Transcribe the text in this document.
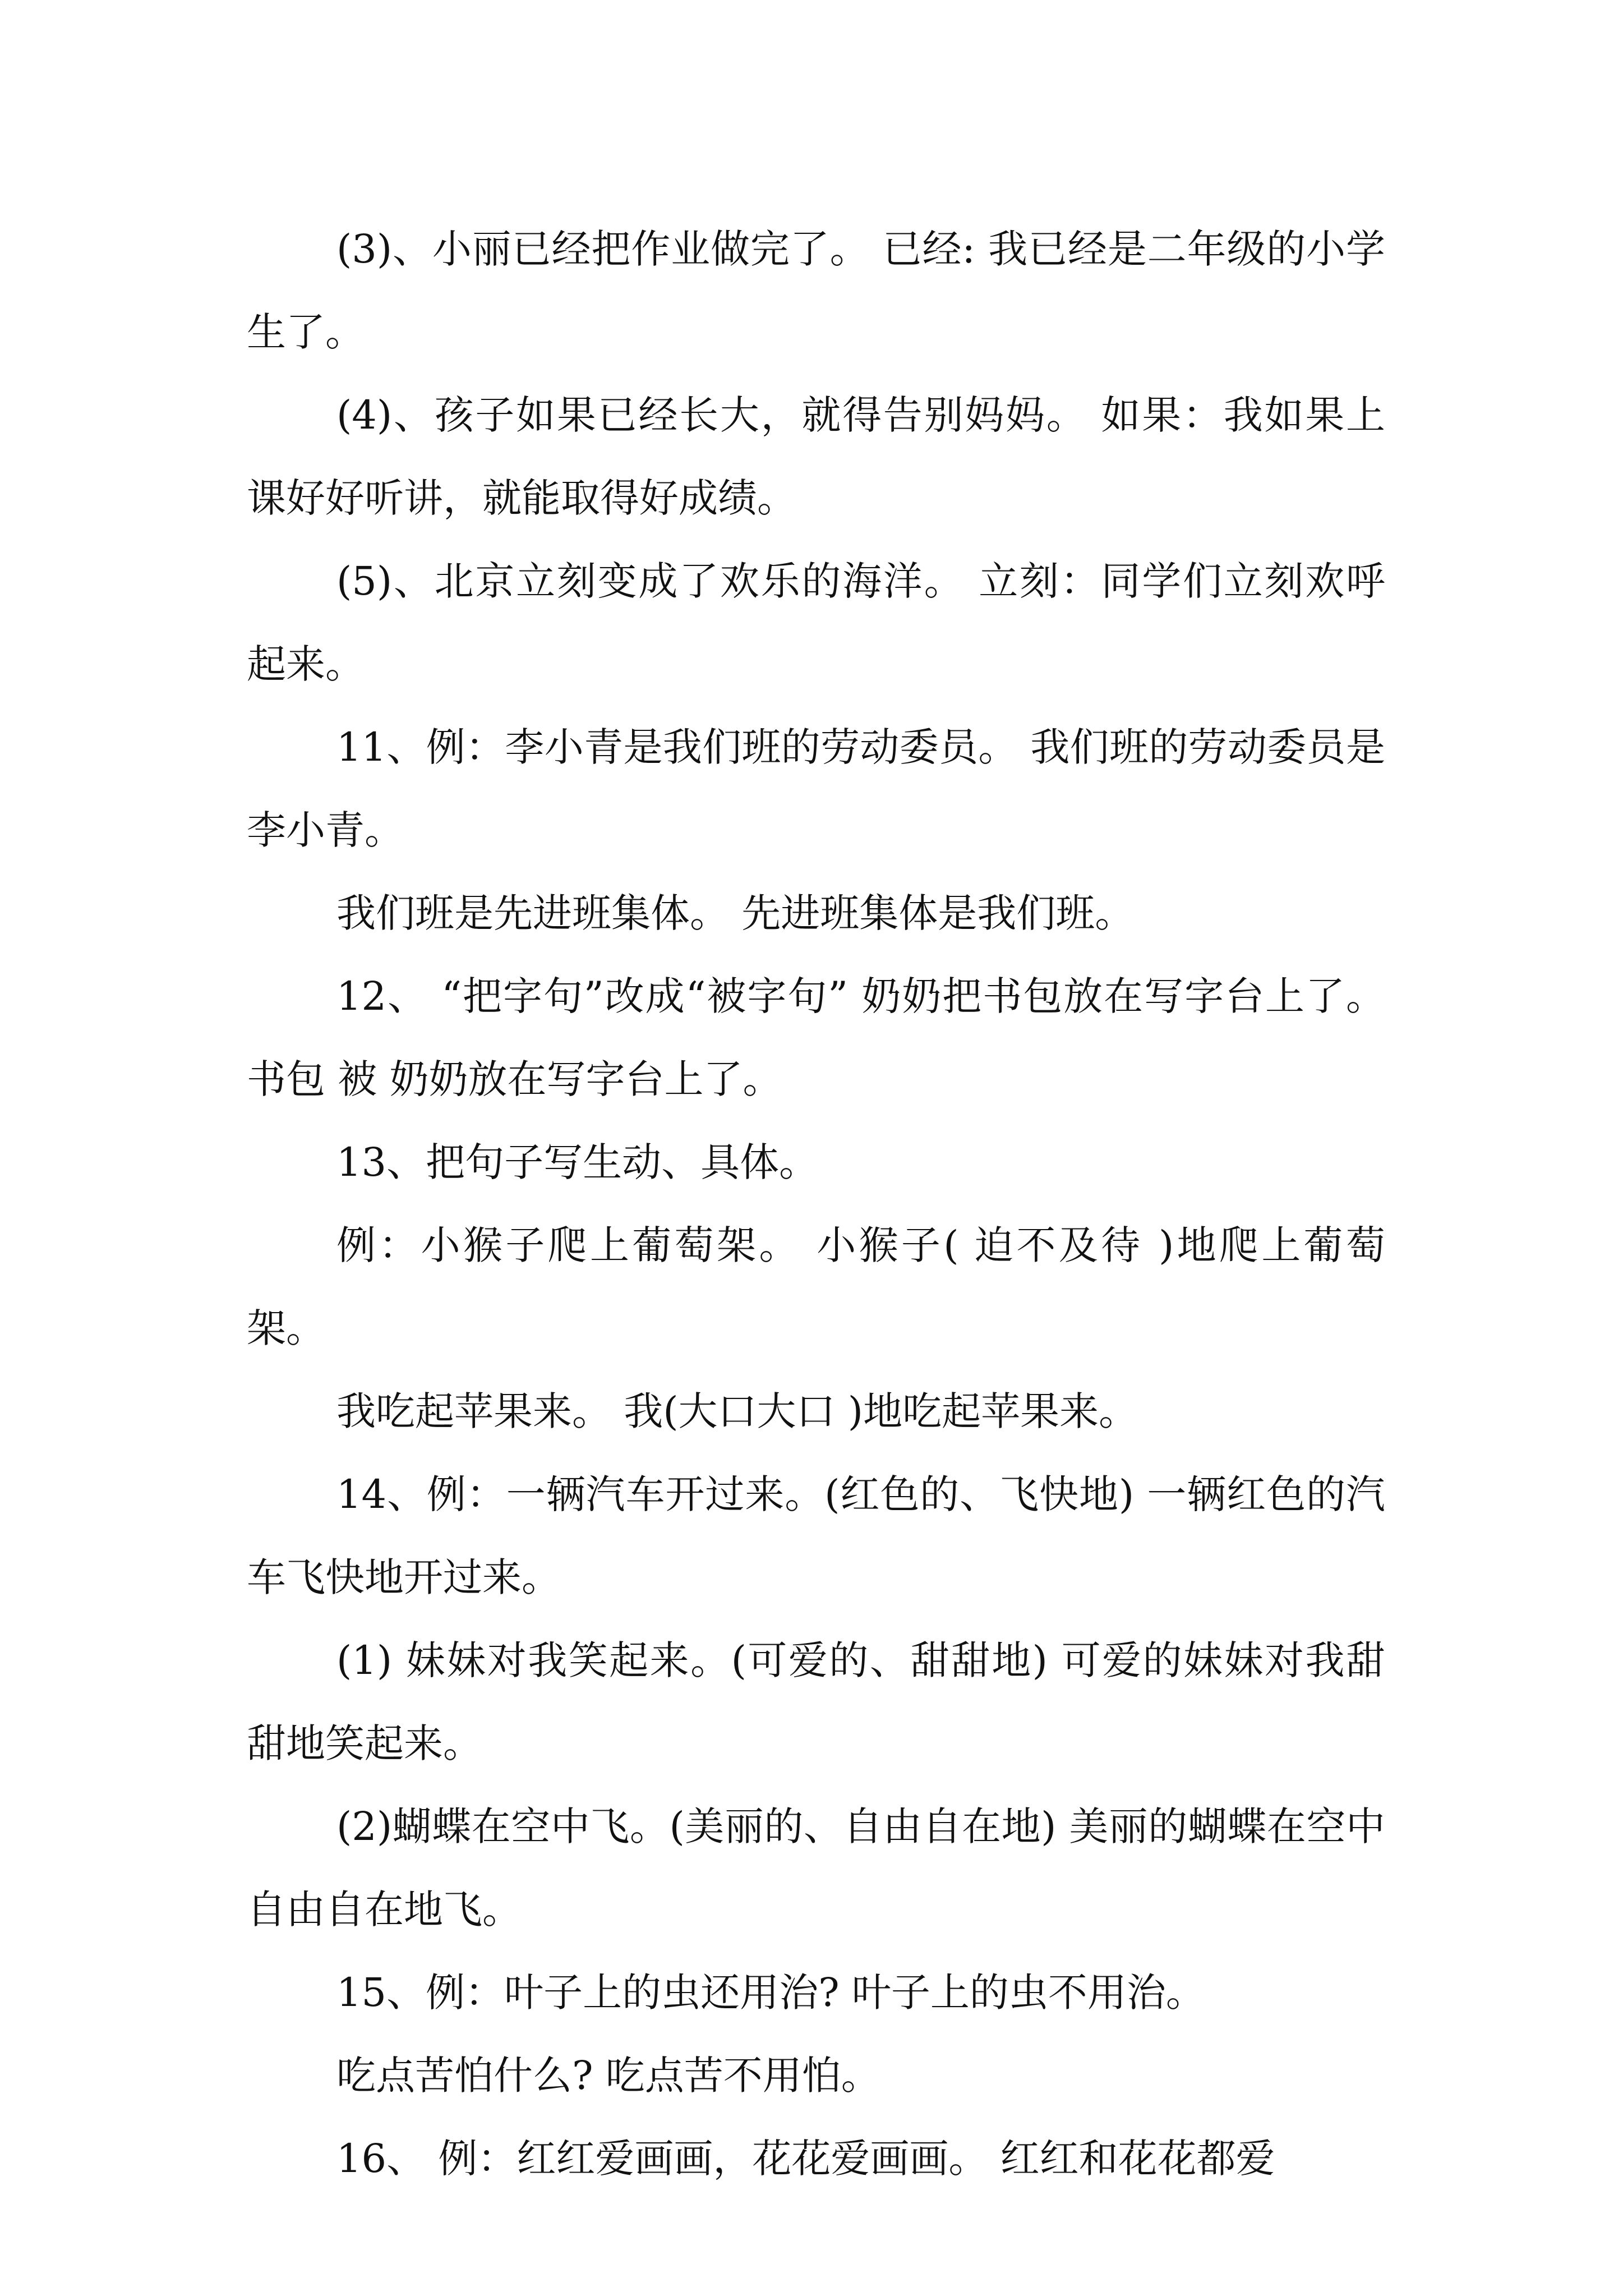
(3)、小丽已经把作业做完了。 已经: 我已经是二年级的小学生了。

(4)、孩子如果已经长大，就得告别妈妈。 如果：我如果上课好好听讲，就能取得好成绩。

(5)、北京立刻变成了欢乐的海洋。 立刻：同学们立刻欢呼起来。

11、例：李小青是我们班的劳动委员。 我们班的劳动委员是李小青。

我们班是先进班集体。 先进班集体是我们班。

12、 “把字句”改成“被字句” 奶奶把书包放在写字台上了。 书包 被 奶奶放在写字台上了。

13、把句子写生动、具体。

例：小猴子爬上葡萄架。 小猴子( 迫不及待 )地爬上葡萄架。

我吃起苹果来。 我(大口大口 )地吃起苹果来。

14、例：一辆汽车开过来。(红色的、飞快地) 一辆红色的汽车飞快地开过来。

(1) 妹妹对我笑起来。(可爱的、甜甜地) 可爱的妹妹对我甜甜地笑起来。

(2)蝴蝶在空中飞。(美丽的、自由自在地) 美丽的蝴蝶在空中自由自在地飞。

15、例：叶子上的虫还用治? 叶子上的虫不用治。

吃点苦怕什么? 吃点苦不用怕。

16、 例：红红爱画画，花花爱画画。 红红和花花都爱
